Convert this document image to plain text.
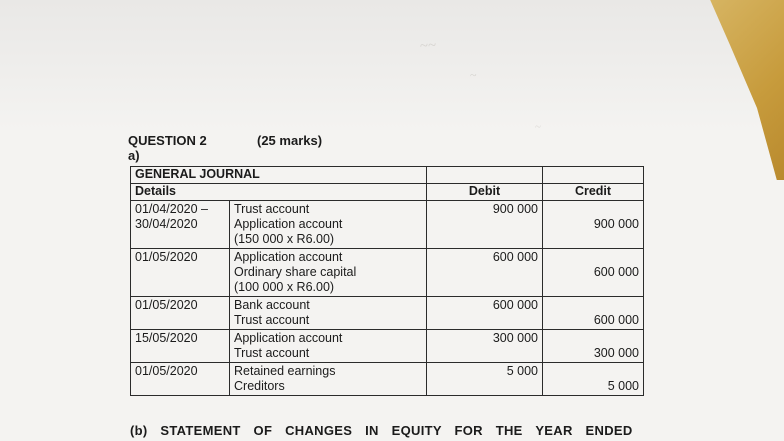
~~
~
~
QUESTION 2	(25 marks)
a)
GENERAL JOURNAL			
Details		Debit	Credit

01/04/2020 –
30/04/2020	Trust account
Application account
(150 000 x R6.00)	900 000	900 000

01/05/2020	Application account
Ordinary share capital
(100 000 x R6.00)	600 000	600 000

01/05/2020	Bank account
Trust account	600 000	600 000

15/05/2020	Application account
Trust account	300 000	300 000

01/05/2020	Retained earnings
Creditors	5 000	5 000
(b) STATEMENT OF CHANGES IN EQUITY FOR THE YEAR ENDED
